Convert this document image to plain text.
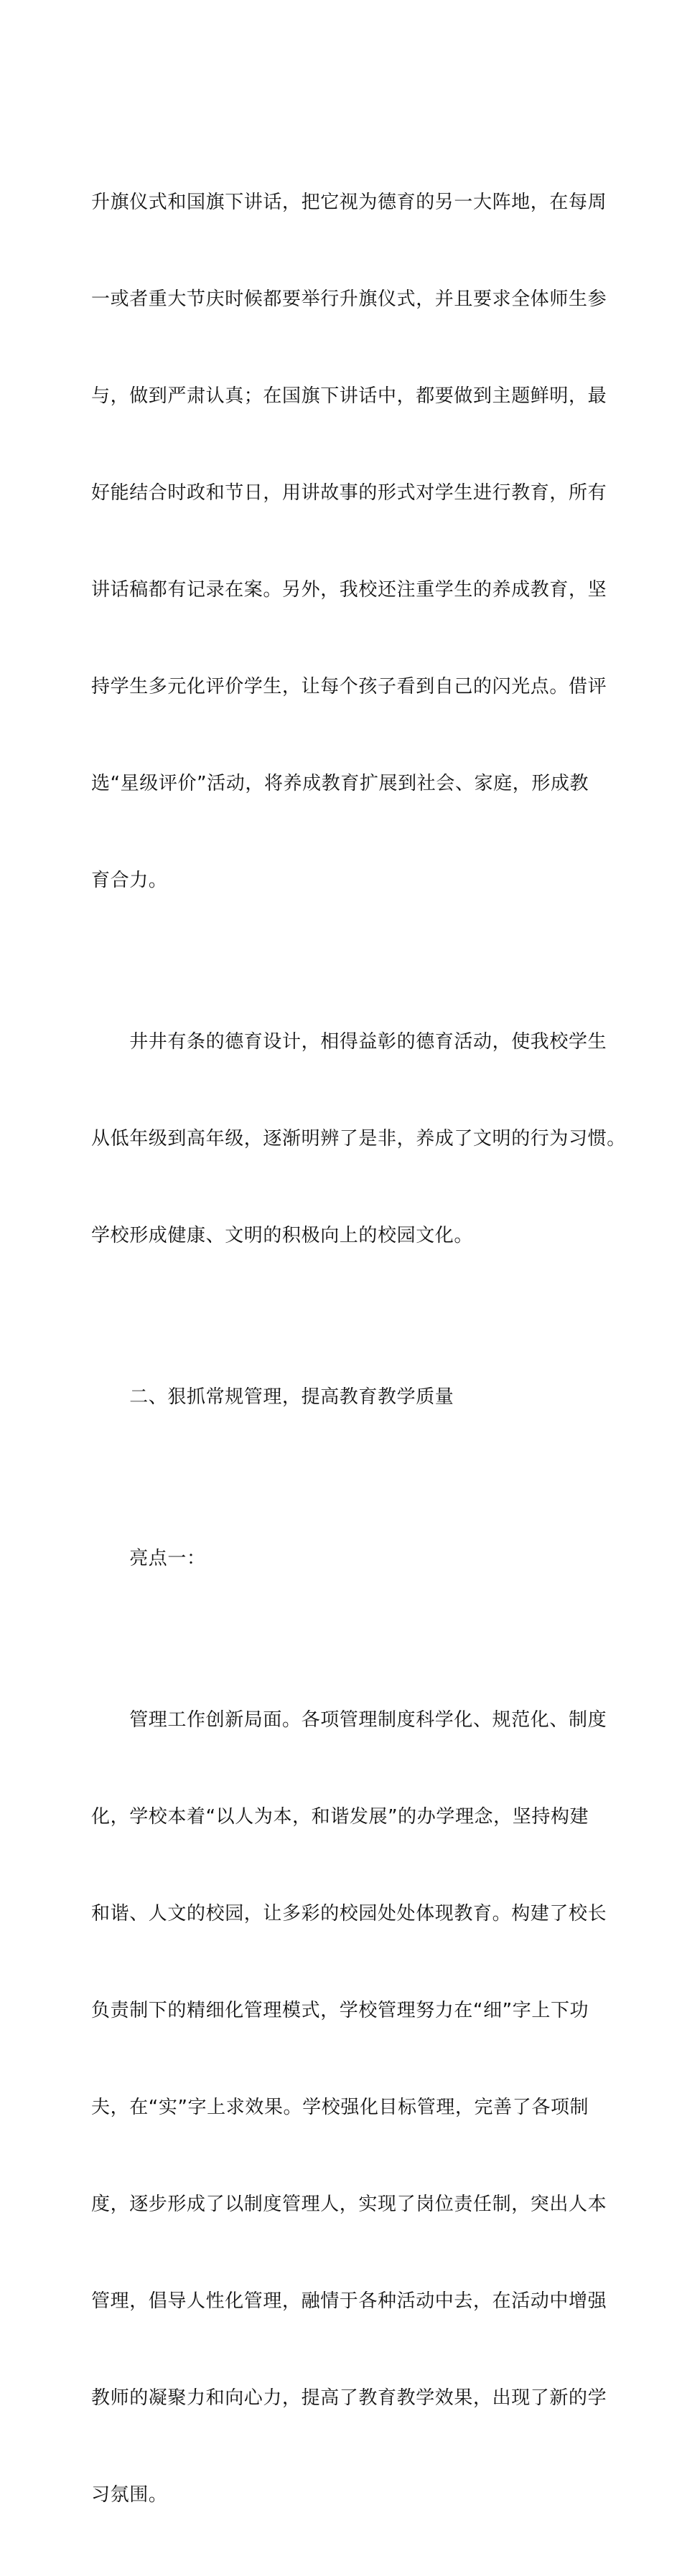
升旗仪式和国旗下讲话，把它视为德育的另一大阵地，在每周

一或者重大节庆时候都要举行升旗仪式，并且要求全体师生参

与，做到严肃认真；在国旗下讲话中，都要做到主题鲜明，最

好能结合时政和节日，用讲故事的形式对学生进行教育，所有

讲话稿都有记录在案。另外，我校还注重学生的养成教育，坚

持学生多元化评价学生，让每个孩子看到自己的闪光点。借评

选“星级评价”活动，将养成教育扩展到社会、家庭，形成教

育合力。

　　井井有条的德育设计，相得益彰的德育活动，使我校学生

从低年级到高年级，逐渐明辨了是非，养成了文明的行为习惯。

学校形成健康、文明的积极向上的校园文化。

　　二、狠抓常规管理，提高教育教学质量

　　亮点一：

　　管理工作创新局面。各项管理制度科学化、规范化、制度

化，学校本着“以人为本，和谐发展”的办学理念，坚持构建

和谐、人文的校园，让多彩的校园处处体现教育。构建了校长

负责制下的精细化管理模式，学校管理努力在“细”字上下功

夫，在“实”字上求效果。学校强化目标管理，完善了各项制

度，逐步形成了以制度管理人，实现了岗位责任制，突出人本

管理，倡导人性化管理，融情于各种活动中去，在活动中增强

教师的凝聚力和向心力，提高了教育教学效果，出现了新的学

习氛围。
